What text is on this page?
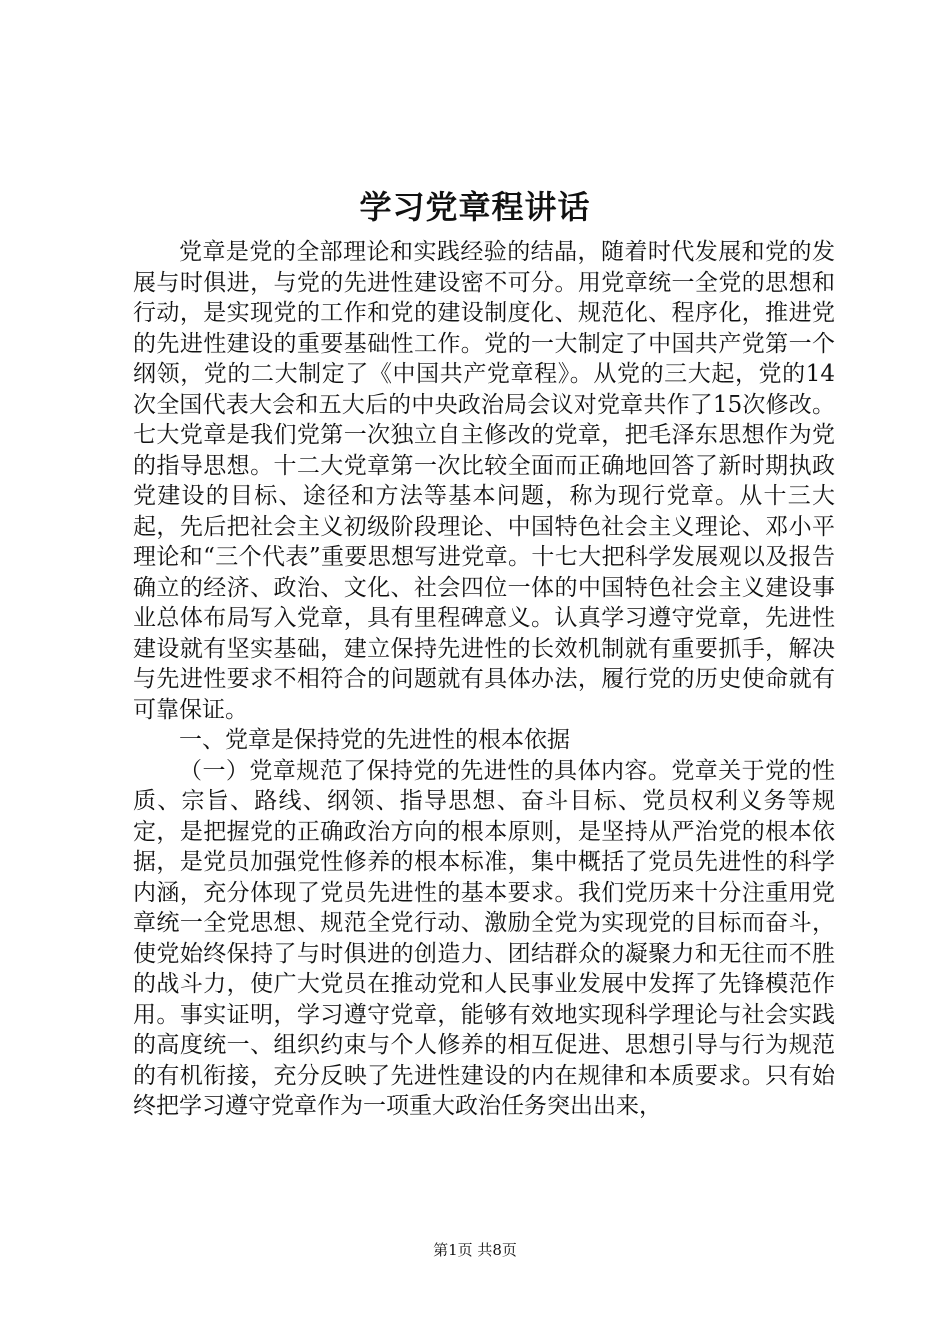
学习党章程讲话

党章是党的全部理论和实践经验的结晶，随着时代发展和党的发展与时俱进，与党的先进性建设密不可分。用党章统一全党的思想和行动，是实现党的工作和党的建设制度化、规范化、程序化，推进党的先进性建设的重要基础性工作。党的一大制定了中国共产党第一个纲领，党的二大制定了《中国共产党章程》。从党的三大起，党的14次全国代表大会和五大后的中央政治局会议对党章共作了15次修改。七大党章是我们党第一次独立自主修改的党章，把毛泽东思想作为党的指导思想。十二大党章第一次比较全面而正确地回答了新时期执政党建设的目标、途径和方法等基本问题，称为现行党章。从十三大起，先后把社会主义初级阶段理论、中国特色社会主义理论、邓小平理论和“三个代表”重要思想写进党章。十七大把科学发展观以及报告确立的经济、政治、文化、社会四位一体的中国特色社会主义建设事业总体布局写入党章，具有里程碑意义。认真学习遵守党章，先进性建设就有坚实基础，建立保持先进性的长效机制就有重要抓手，解决与先进性要求不相符合的问题就有具体办法，履行党的历史使命就有可靠保证。

一、党章是保持党的先进性的根本依据

（一）党章规范了保持党的先进性的具体内容。党章关于党的性质、宗旨、路线、纲领、指导思想、奋斗目标、党员权利义务等规定，是把握党的正确政治方向的根本原则，是坚持从严治党的根本依据，是党员加强党性修养的根本标准，集中概括了党员先进性的科学内涵，充分体现了党员先进性的基本要求。我们党历来十分注重用党章统一全党思想、规范全党行动、激励全党为实现党的目标而奋斗，使党始终保持了与时俱进的创造力、团结群众的凝聚力和无往而不胜的战斗力，使广大党员在推动党和人民事业发展中发挥了先锋模范作用。事实证明，学习遵守党章，能够有效地实现科学理论与社会实践的高度统一、组织约束与个人修养的相互促进、思想引导与行为规范的有机衔接，充分反映了先进性建设的内在规律和本质要求。只有始终把学习遵守党章作为一项重大政治任务突出出来，

第1页 共8页
